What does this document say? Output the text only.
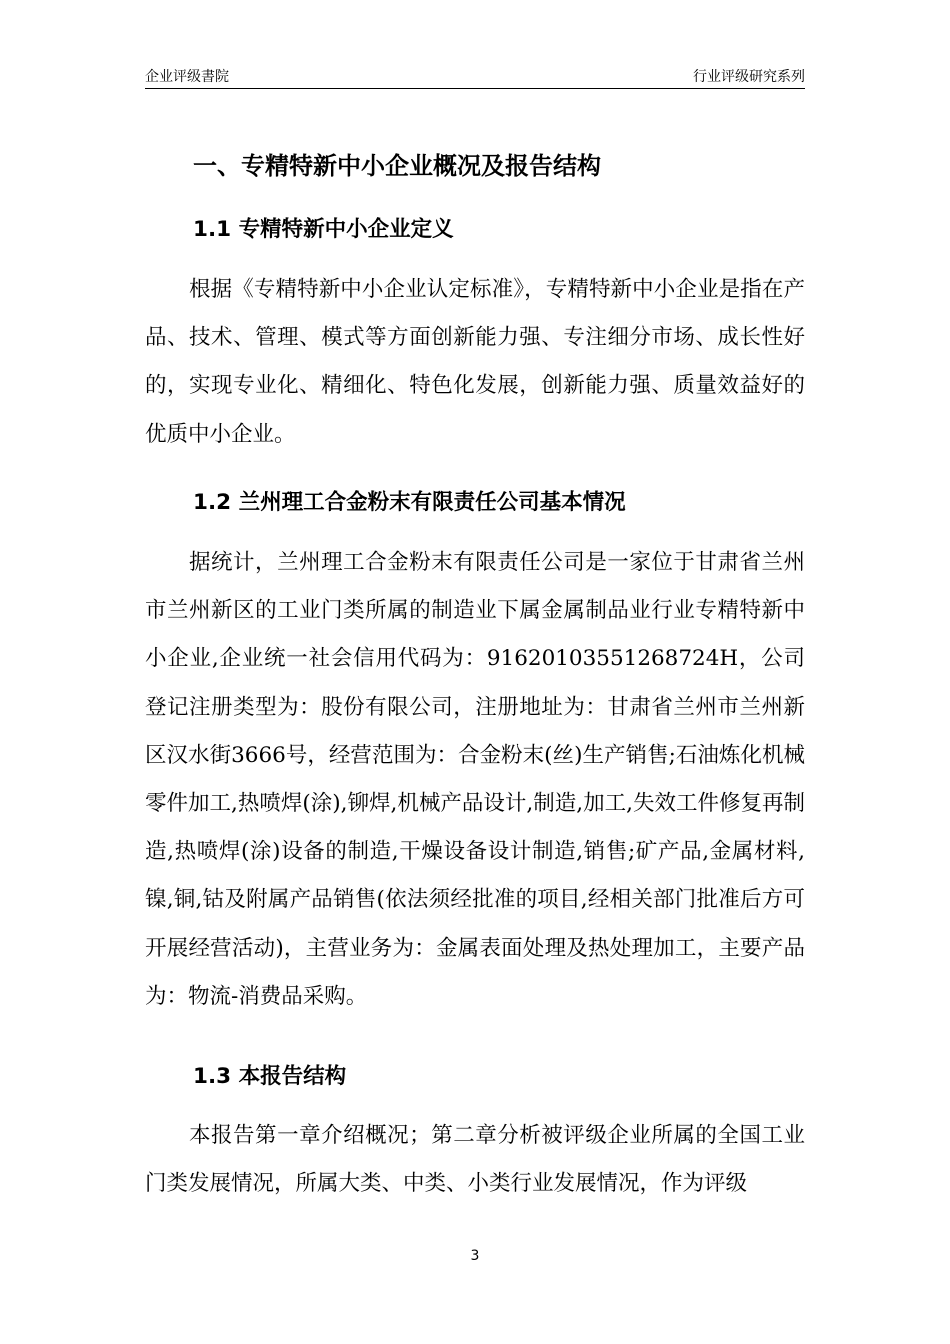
企业评级書院	行业评级研究系列
一、专精特新中小企业概况及报告结构
1.1 专精特新中小企业定义

根据《专精特新中小企业认定标准》，专精特新中小企业是指在产品、技术、管理、模式等方面创新能力强、专注细分市场、成长性好的，实现专业化、精细化、特色化发展，创新能力强、质量效益好的优质中小企业。

1.2 兰州理工合金粉末有限责任公司基本情况

据统计，兰州理工合金粉末有限责任公司是一家位于甘肃省兰州市兰州新区的工业门类所属的制造业下属金属制品业行业专精特新中小企业,企业统一社会信用代码为：91620103551268724H，公司登记注册类型为：股份有限公司，注册地址为：甘肃省兰州市兰州新区汉水街3666号，经营范围为：合金粉末(丝)生产销售;石油炼化机械零件加工,热喷焊(涂),铆焊,机械产品设计,制造,加工,失效工件修复再制造,热喷焊(涂)设备的制造,干燥设备设计制造,销售;矿产品,金属材料,镍,铜,钴及附属产品销售(依法须经批准的项目,经相关部门批准后方可开展经营活动)，主营业务为：金属表面处理及热处理加工，主要产品为：物流-消费品采购。

1.3 本报告结构

本报告第一章介绍概况；第二章分析被评级企业所属的全国工业门类发展情况，所属大类、中类、小类行业发展情况，作为评级

3
